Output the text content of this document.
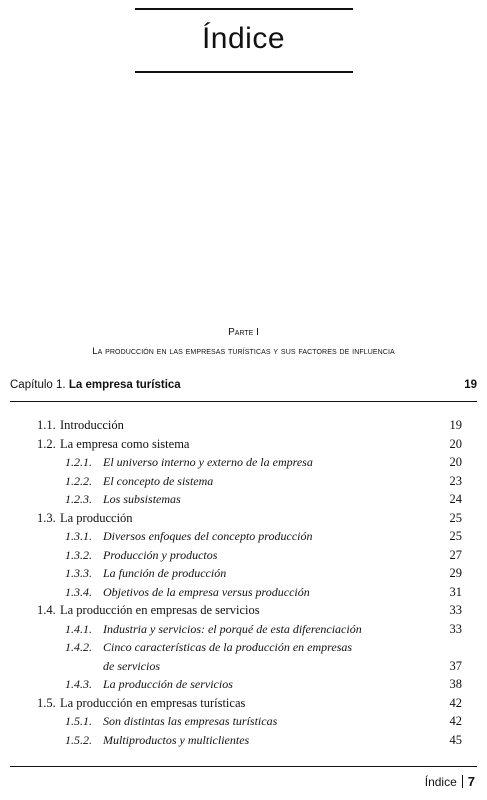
Índice
Parte I
La producción en las empresas turísticas y sus factores de influencia
Capítulo 1. La empresa turística	19
1.1. Introducción	19
1.2. La empresa como sistema	20
1.2.1. El universo interno y externo de la empresa	20
1.2.2. El concepto de sistema	23
1.2.3. Los subsistemas	24
1.3. La producción	25
1.3.1. Diversos enfoques del concepto producción	25
1.3.2. Producción y productos	27
1.3.3. La función de producción	29
1.3.4. Objetivos de la empresa versus producción	31
1.4. La producción en empresas de servicios	33
1.4.1. Industria y servicios: el porqué de esta diferenciación	33
1.4.2. Cinco características de la producción en empresas
de servicios	37
1.4.3. La producción de servicios	38
1.5. La producción en empresas turísticas	42
1.5.1. Son distintas las empresas turísticas	42
1.5.2. Multiproductos y multiclientes	45
Índice 7
